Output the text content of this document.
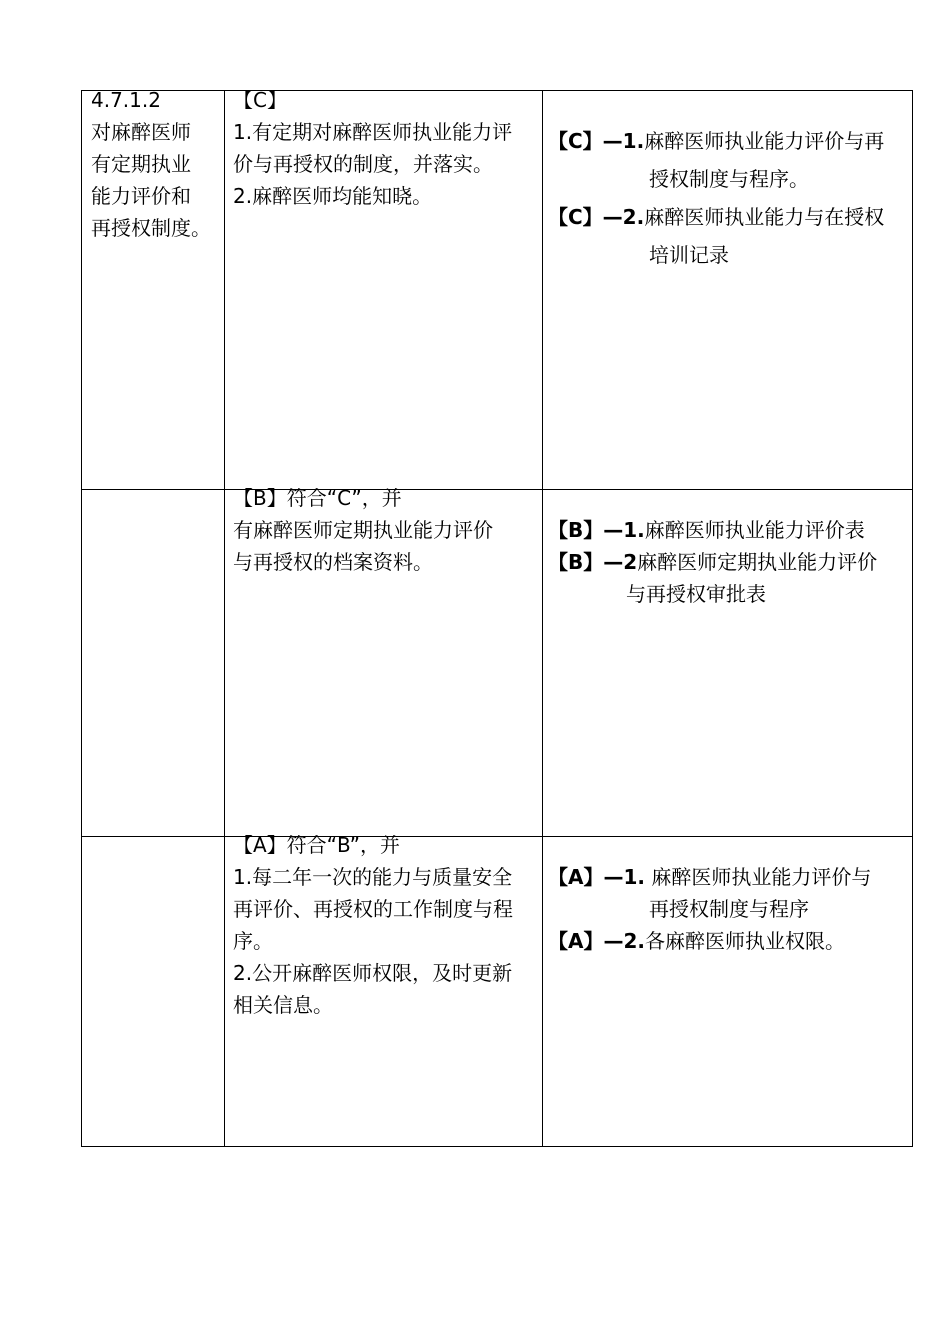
4.7.1.2
对麻醉医师
有定期执业
能力评价和
再授权制度。
【C】
1.有定期对麻醉医师执业能力评
价与再授权的制度，并落实。
2.麻醉医师均能知晓。
【C】—1.麻醉医师执业能力评价与再
授权制度与程序。
【C】—2.麻醉医师执业能力与在授权
培训记录
【B】符合“C”，并
有麻醉医师定期执业能力评价
与再授权的档案资料。
【B】—1.麻醉医师执业能力评价表
【B】—2麻醉医师定期执业能力评价
与再授权审批表
【A】符合“B”，并
1.每二年一次的能力与质量安全
再评价、再授权的工作制度与程
序。
2.公开麻醉医师权限，及时更新
相关信息。
【A】—1. 麻醉医师执业能力评价与
再授权制度与程序
【A】—2.各麻醉医师执业权限。
